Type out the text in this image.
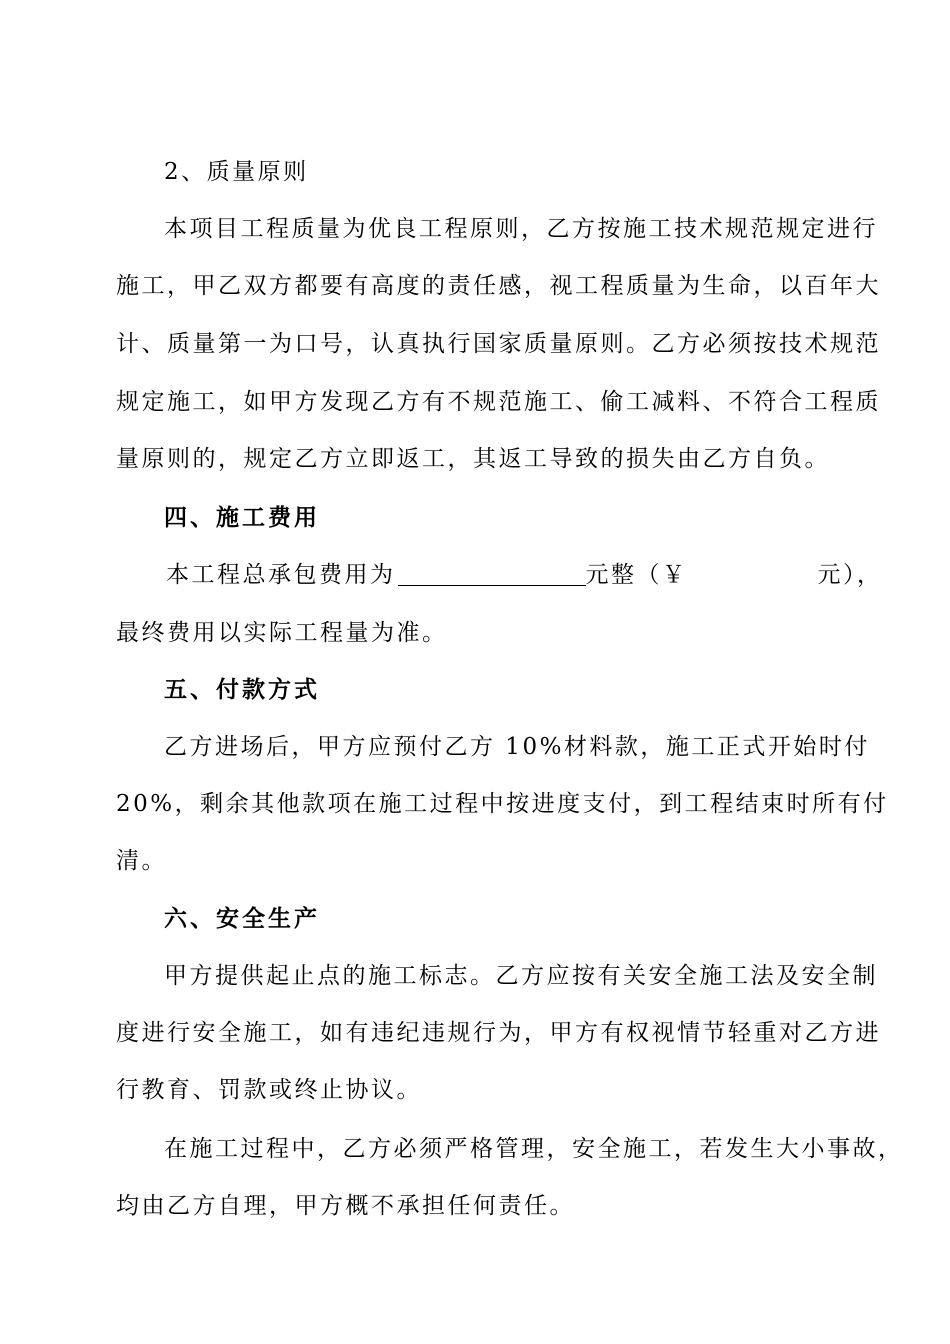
2、质量原则
本项目工程质量为优良工程原则，乙方按施工技术规范规定进行
施工，甲乙双方都要有高度的责任感，视工程质量为生命，以百年大
计、质量第一为口号，认真执行国家质量原则。乙方必须按技术规范
规定施工，如甲方发现乙方有不规范施工、偷工减料、不符合工程质
量原则的，规定乙方立即返工，其返工导致的损失由乙方自负。
四、施工费用
本工程总承包费用为	元整（￥	元），
最终费用以实际工程量为准。
五、付款方式
乙方进场后，甲方应预付乙方 10%材料款，施工正式开始时付
20%，剩余其他款项在施工过程中按进度支付，到工程结束时所有付
清。
六、安全生产
甲方提供起止点的施工标志。乙方应按有关安全施工法及安全制
度进行安全施工，如有违纪违规行为，甲方有权视情节轻重对乙方进
行教育、罚款或终止协议。
在施工过程中，乙方必须严格管理，安全施工，若发生大小事故，
均由乙方自理，甲方概不承担任何责任。
